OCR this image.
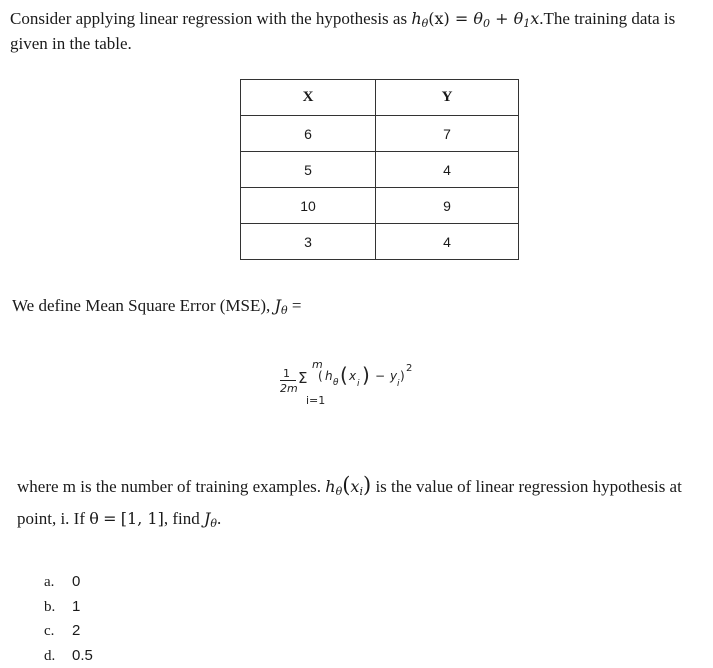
Consider applying linear regression with the hypothesis as $h_\theta(x) = \theta_0 + \theta_1x.The$ training data is given in the table.
X	Y
6	7
5	4
10	9
3	4
We define Mean Square Error (MSE), $J_\theta$ =
m
1
2m
Σ ( h θ ( x
i ) − y
i
)
2
i=1
where m is the number of training examples. $h_\theta(x_i)$ is the value of linear regression hypothesis at point, i. If θ = [1, 1], find $J_\theta$.
a. 0
b. 1
c. 2
d. 0.5
